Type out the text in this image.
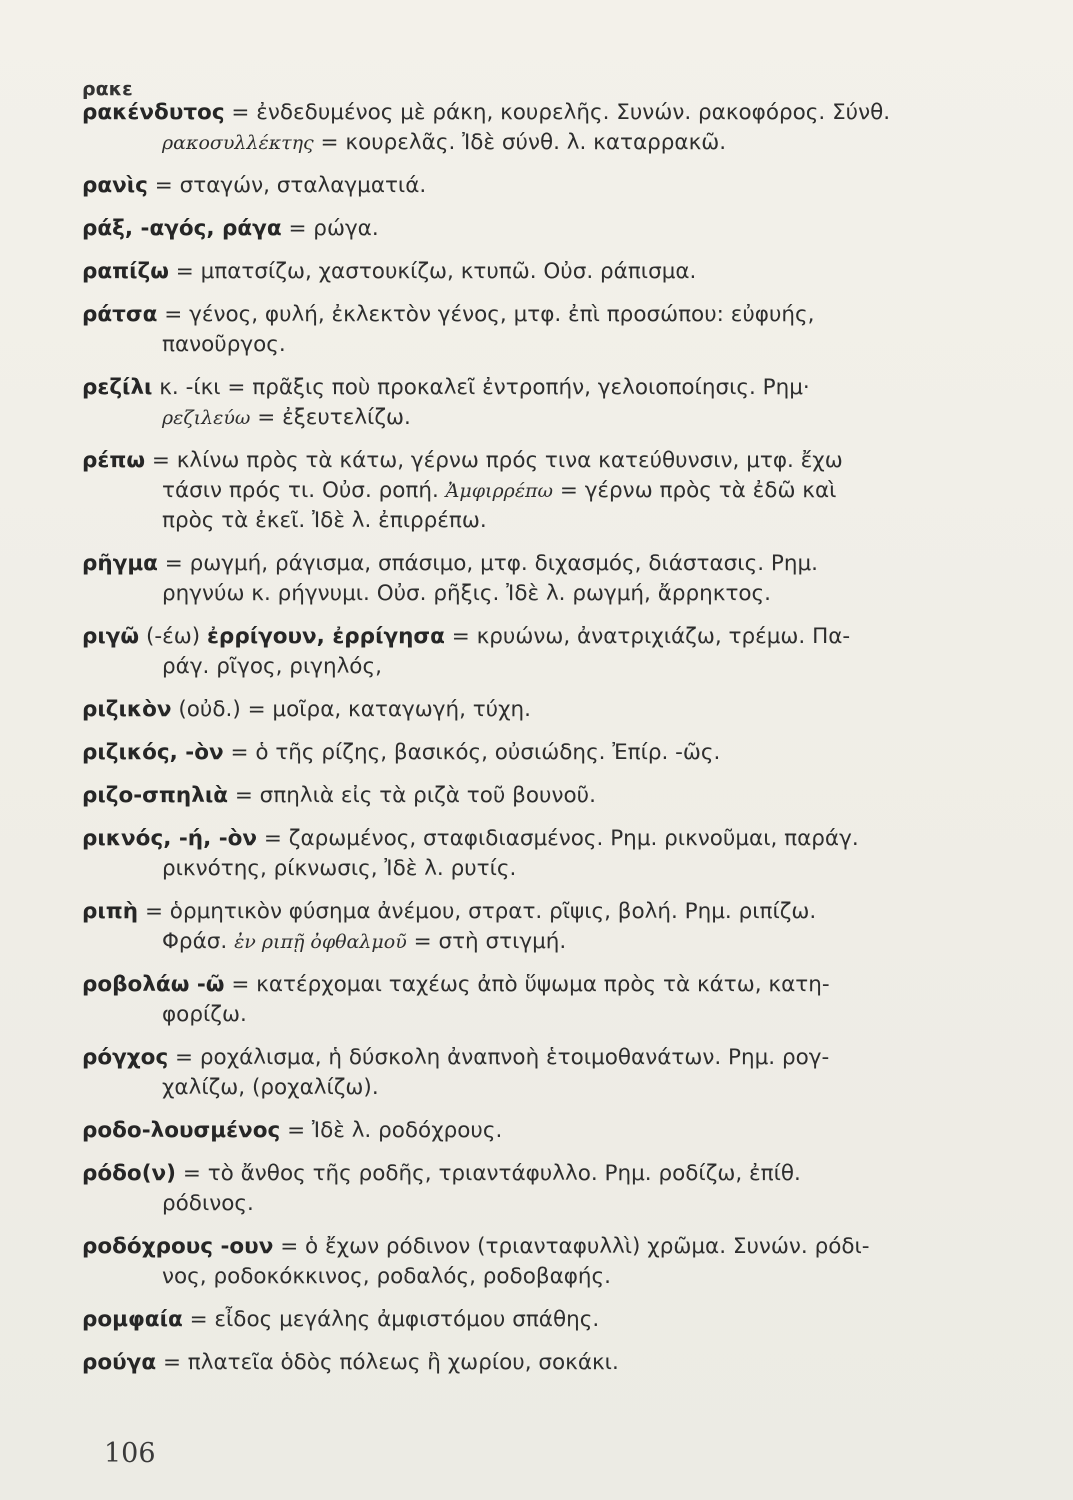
ρακε
ρακένδυτος = ἐνδεδυμένος μὲ ράκη, κουρελῆς. Συνών. ρακοφόρος. Σύνθ.
ρακοσυλλέκτης = κουρελᾶς. Ἰδὲ σύνθ. λ. καταρρακῶ.
ρανὶς = σταγών, σταλαγματιά.
ράξ, -αγός, ράγα = ρώγα.
ραπίζω = μπατσίζω, χαστουκίζω, κτυπῶ. Οὐσ. ράπισμα.
ράτσα = γένος, φυλή, ἐκλεκτὸν γένος, μτφ. ἐπὶ προσώπου: εὐφυής,
πανοῦργος.
ρεζίλι κ. -ίκι = πρᾶξις ποὺ προκαλεῖ ἐντροπήν, γελοιοποίησις. Ρημ·
ρεζιλεύω = ἐξευτελίζω.
ρέπω = κλίνω πρὸς τὰ κάτω, γέρνω πρός τινα κατεύθυνσιν, μτφ. ἔχω
τάσιν πρός τι. Οὐσ. ροπή. Ἀμφιρρέπω = γέρνω πρὸς τὰ ἐδῶ καὶ
πρὸς τὰ ἐκεῖ. Ἰδὲ λ. ἐπιρρέπω.
ρῆγμα = ρωγμή, ράγισμα, σπάσιμο, μτφ. διχασμός, διάστασις. Ρημ.
ρηγνύω κ. ρήγνυμι. Οὐσ. ρῆξις. Ἰδὲ λ. ρωγμή, ἄρρηκτος.
ριγῶ (-έω) ἐρρίγουν, ἐρρίγησα = κρυώνω, ἀνατριχιάζω, τρέμω. Πα-
ράγ. ρῖγος, ριγηλός,
ριζικὸν (οὐδ.) = μοῖρα, καταγωγή, τύχη.
ριζικός, -ὸν = ὁ τῆς ρίζης, βασικός, οὐσιώδης. Ἐπίρ. -ῶς.
ριζο-σπηλιὰ = σπηλιὰ εἰς τὰ ριζὰ τοῦ βουνοῦ.
ρικνός, -ή, -ὸν = ζαρωμένος, σταφιδιασμένος. Ρημ. ρικνοῦμαι, παράγ.
ρικνότης, ρίκνωσις, Ἰδὲ λ. ρυτίς.
ριπὴ = ὁρμητικὸν φύσημα ἀνέμου, στρατ. ρῖψις, βολή. Ρημ. ριπίζω.
Φράσ. ἐν ριπῇ ὀφθαλμοῦ = στὴ στιγμή.
ροβολάω -ῶ = κατέρχομαι ταχέως ἀπὸ ὕψωμα πρὸς τὰ κάτω, κατη-
φορίζω.
ρόγχος = ροχάλισμα, ἡ δύσκολη ἀναπνοὴ ἑτοιμοθανάτων. Ρημ. ρογ-
χαλίζω, (ροχαλίζω).
ροδο-λουσμένος = Ἰδὲ λ. ροδόχρους.
ρόδο(ν) = τὸ ἄνθος τῆς ροδῆς, τριαντάφυλλο. Ρημ. ροδίζω, ἐπίθ.
ρόδινος.
ροδόχρους -ουν = ὁ ἔχων ρόδινον (τριανταφυλλὶ) χρῶμα. Συνών. ρόδι-
νος, ροδοκόκκινος, ροδαλός, ροδοβαφής.
ρομφαία = εἶδος μεγάλης ἀμφιστόμου σπάθης.
ρούγα = πλατεῖα ὁδὸς πόλεως ἢ χωρίου, σοκάκι.
106
